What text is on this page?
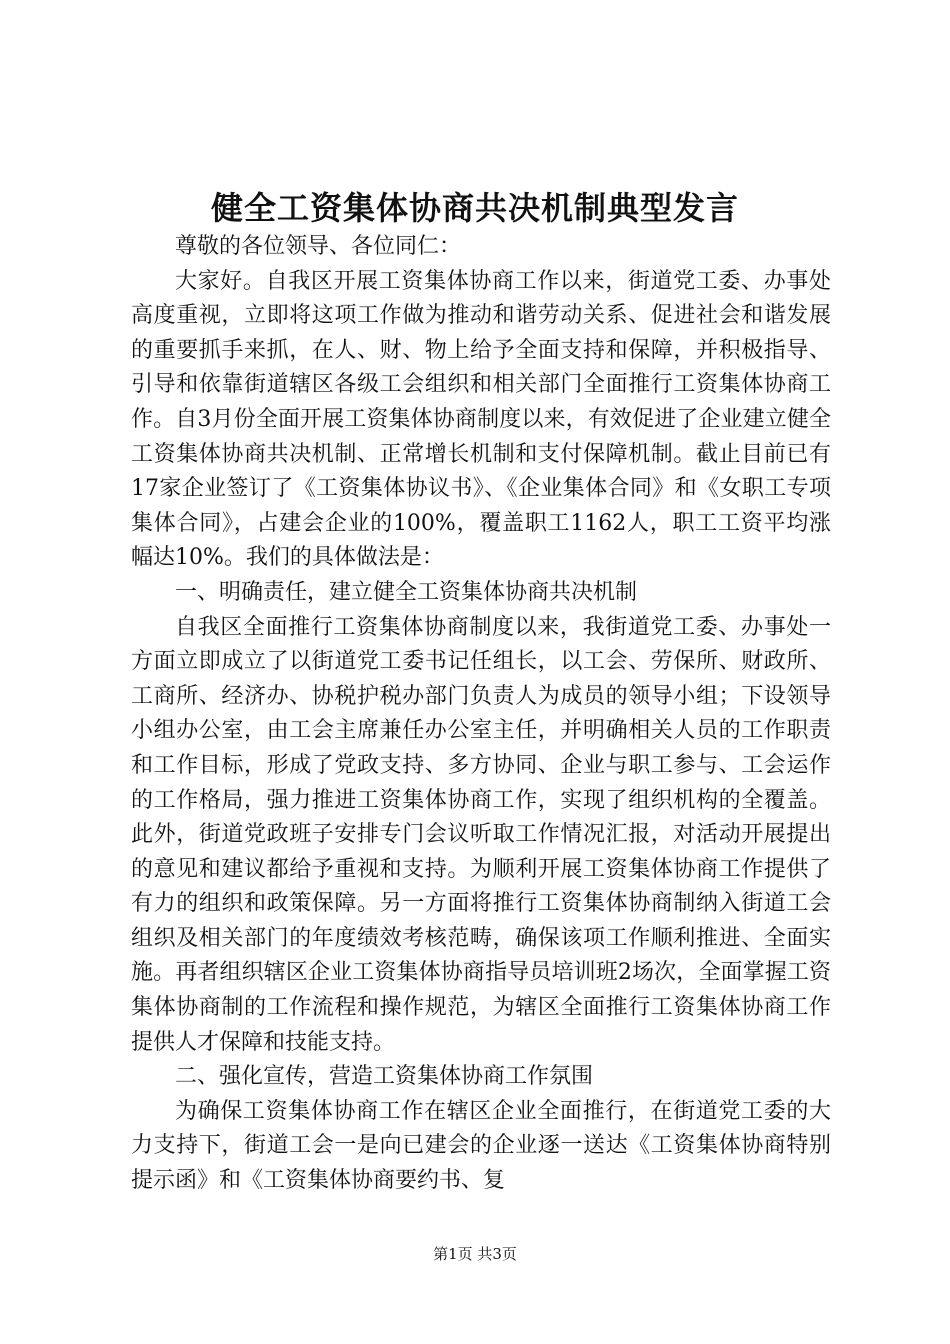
健全工资集体协商共决机制典型发言

尊敬的各位领导、各位同仁：

大家好。自我区开展工资集体协商工作以来，街道党工委、办事处高度重视，立即将这项工作做为推动和谐劳动关系、促进社会和谐发展的重要抓手来抓，在人、财、物上给予全面支持和保障，并积极指导、引导和依靠街道辖区各级工会组织和相关部门全面推行工资集体协商工作。自3月份全面开展工资集体协商制度以来，有效促进了企业建立健全工资集体协商共决机制、正常增长机制和支付保障机制。截止目前已有17家企业签订了《工资集体协议书》、《企业集体合同》和《女职工专项集体合同》，占建会企业的100%，覆盖职工1162人，职工工资平均涨幅达10%。我们的具体做法是：

一、明确责任，建立健全工资集体协商共决机制

自我区全面推行工资集体协商制度以来，我街道党工委、办事处一方面立即成立了以街道党工委书记任组长，以工会、劳保所、财政所、工商所、经济办、协税护税办部门负责人为成员的领导小组；下设领导小组办公室，由工会主席兼任办公室主任，并明确相关人员的工作职责和工作目标，形成了党政支持、多方协同、企业与职工参与、工会运作的工作格局，强力推进工资集体协商工作，实现了组织机构的全覆盖。此外，街道党政班子安排专门会议听取工作情况汇报，对活动开展提出的意见和建议都给予重视和支持。为顺利开展工资集体协商工作提供了有力的组织和政策保障。另一方面将推行工资集体协商制纳入街道工会组织及相关部门的年度绩效考核范畴，确保该项工作顺利推进、全面实施。再者组织辖区企业工资集体协商指导员培训班2场次，全面掌握工资集体协商制的工作流程和操作规范，为辖区全面推行工资集体协商工作提供人才保障和技能支持。

二、强化宣传，营造工资集体协商工作氛围

为确保工资集体协商工作在辖区企业全面推行，在街道党工委的大力支持下，街道工会一是向已建会的企业逐一送达《工资集体协商特别提示函》和《工资集体协商要约书、复

第1页 共3页
